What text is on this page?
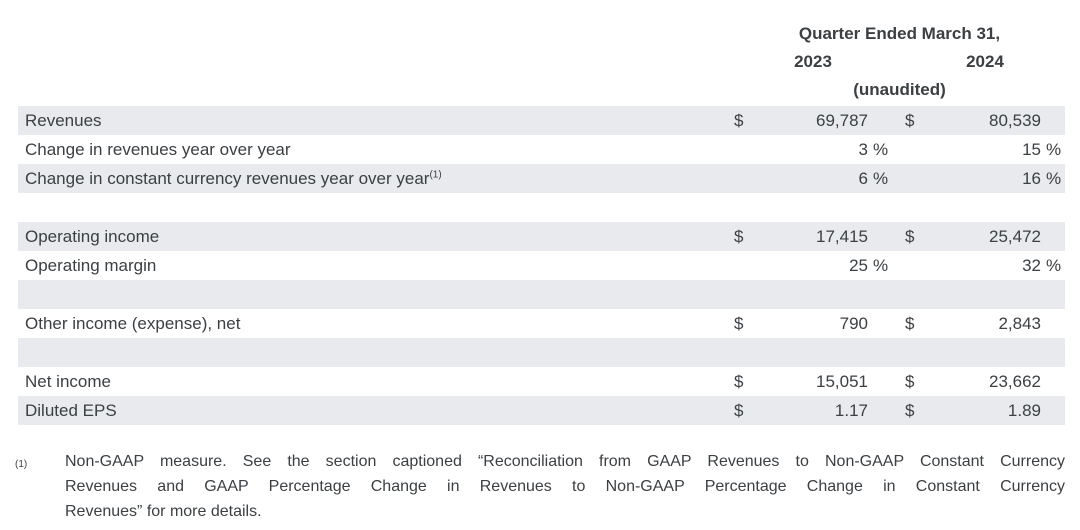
Quarter Ended March 31,
2023	2024
(unaudited)
Revenues	$	69,787 $	80,539
Change in revenues year over year	3 %	15 %
Change in constant currency revenues year over year$^{(1)}$	6 %	16 %
Operating income	$	17,415 $	25,472
Operating margin	25 %	32 %
Other income (expense), net	$	790 $	2,843
Net income	$	15,051 $	23,662
Diluted EPS	$	1.17 $	1.89
(1)	Non-GAAP measure. See the section captioned “Reconciliation from GAAP Revenues to Non-GAAP Constant Currency
Revenues and GAAP Percentage Change in Revenues to Non-GAAP Percentage Change in Constant Currency
Revenues” for more details.
